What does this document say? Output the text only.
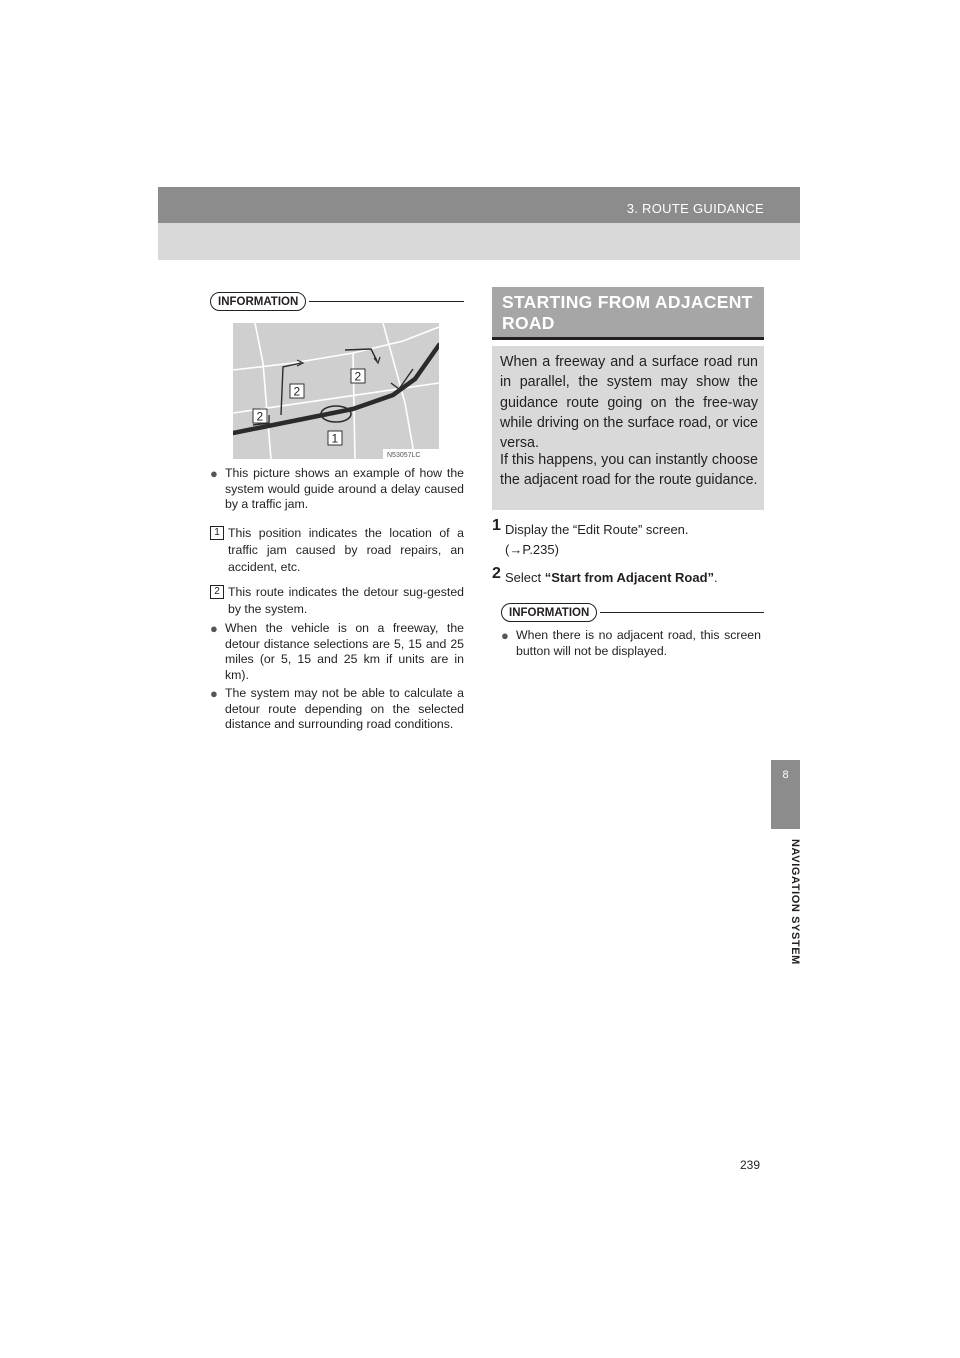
3. ROUTE GUIDANCE
8
NAVIGATION SYSTEM
INFORMATION
2
2
2
1
N53057LC
● This picture shows an example of how the system would guide around a delay caused by a traffic jam.
1 This position indicates the location of a traffic jam caused by road repairs, an accident, etc.
2 This route indicates the detour sug-gested by the system.
● When the vehicle is on a freeway, the detour distance selections are 5, 15 and 25 miles (or 5, 15 and 25 km if units are in km).
● The system may not be able to calculate a detour route depending on the selected distance and surrounding road conditions.
STARTING FROM ADJACENT
ROAD
When a freeway and a surface road run in parallel, the system may show the guidance route going on the free-way while driving on the surface road, or vice versa.
If this happens, you can instantly choose the adjacent road for the route guidance.
1 Display the “Edit Route” screen.
(→P.235)
2 Select “Start from Adjacent Road”.
INFORMATION
● When there is no adjacent road, this screen button will not be displayed.
239
